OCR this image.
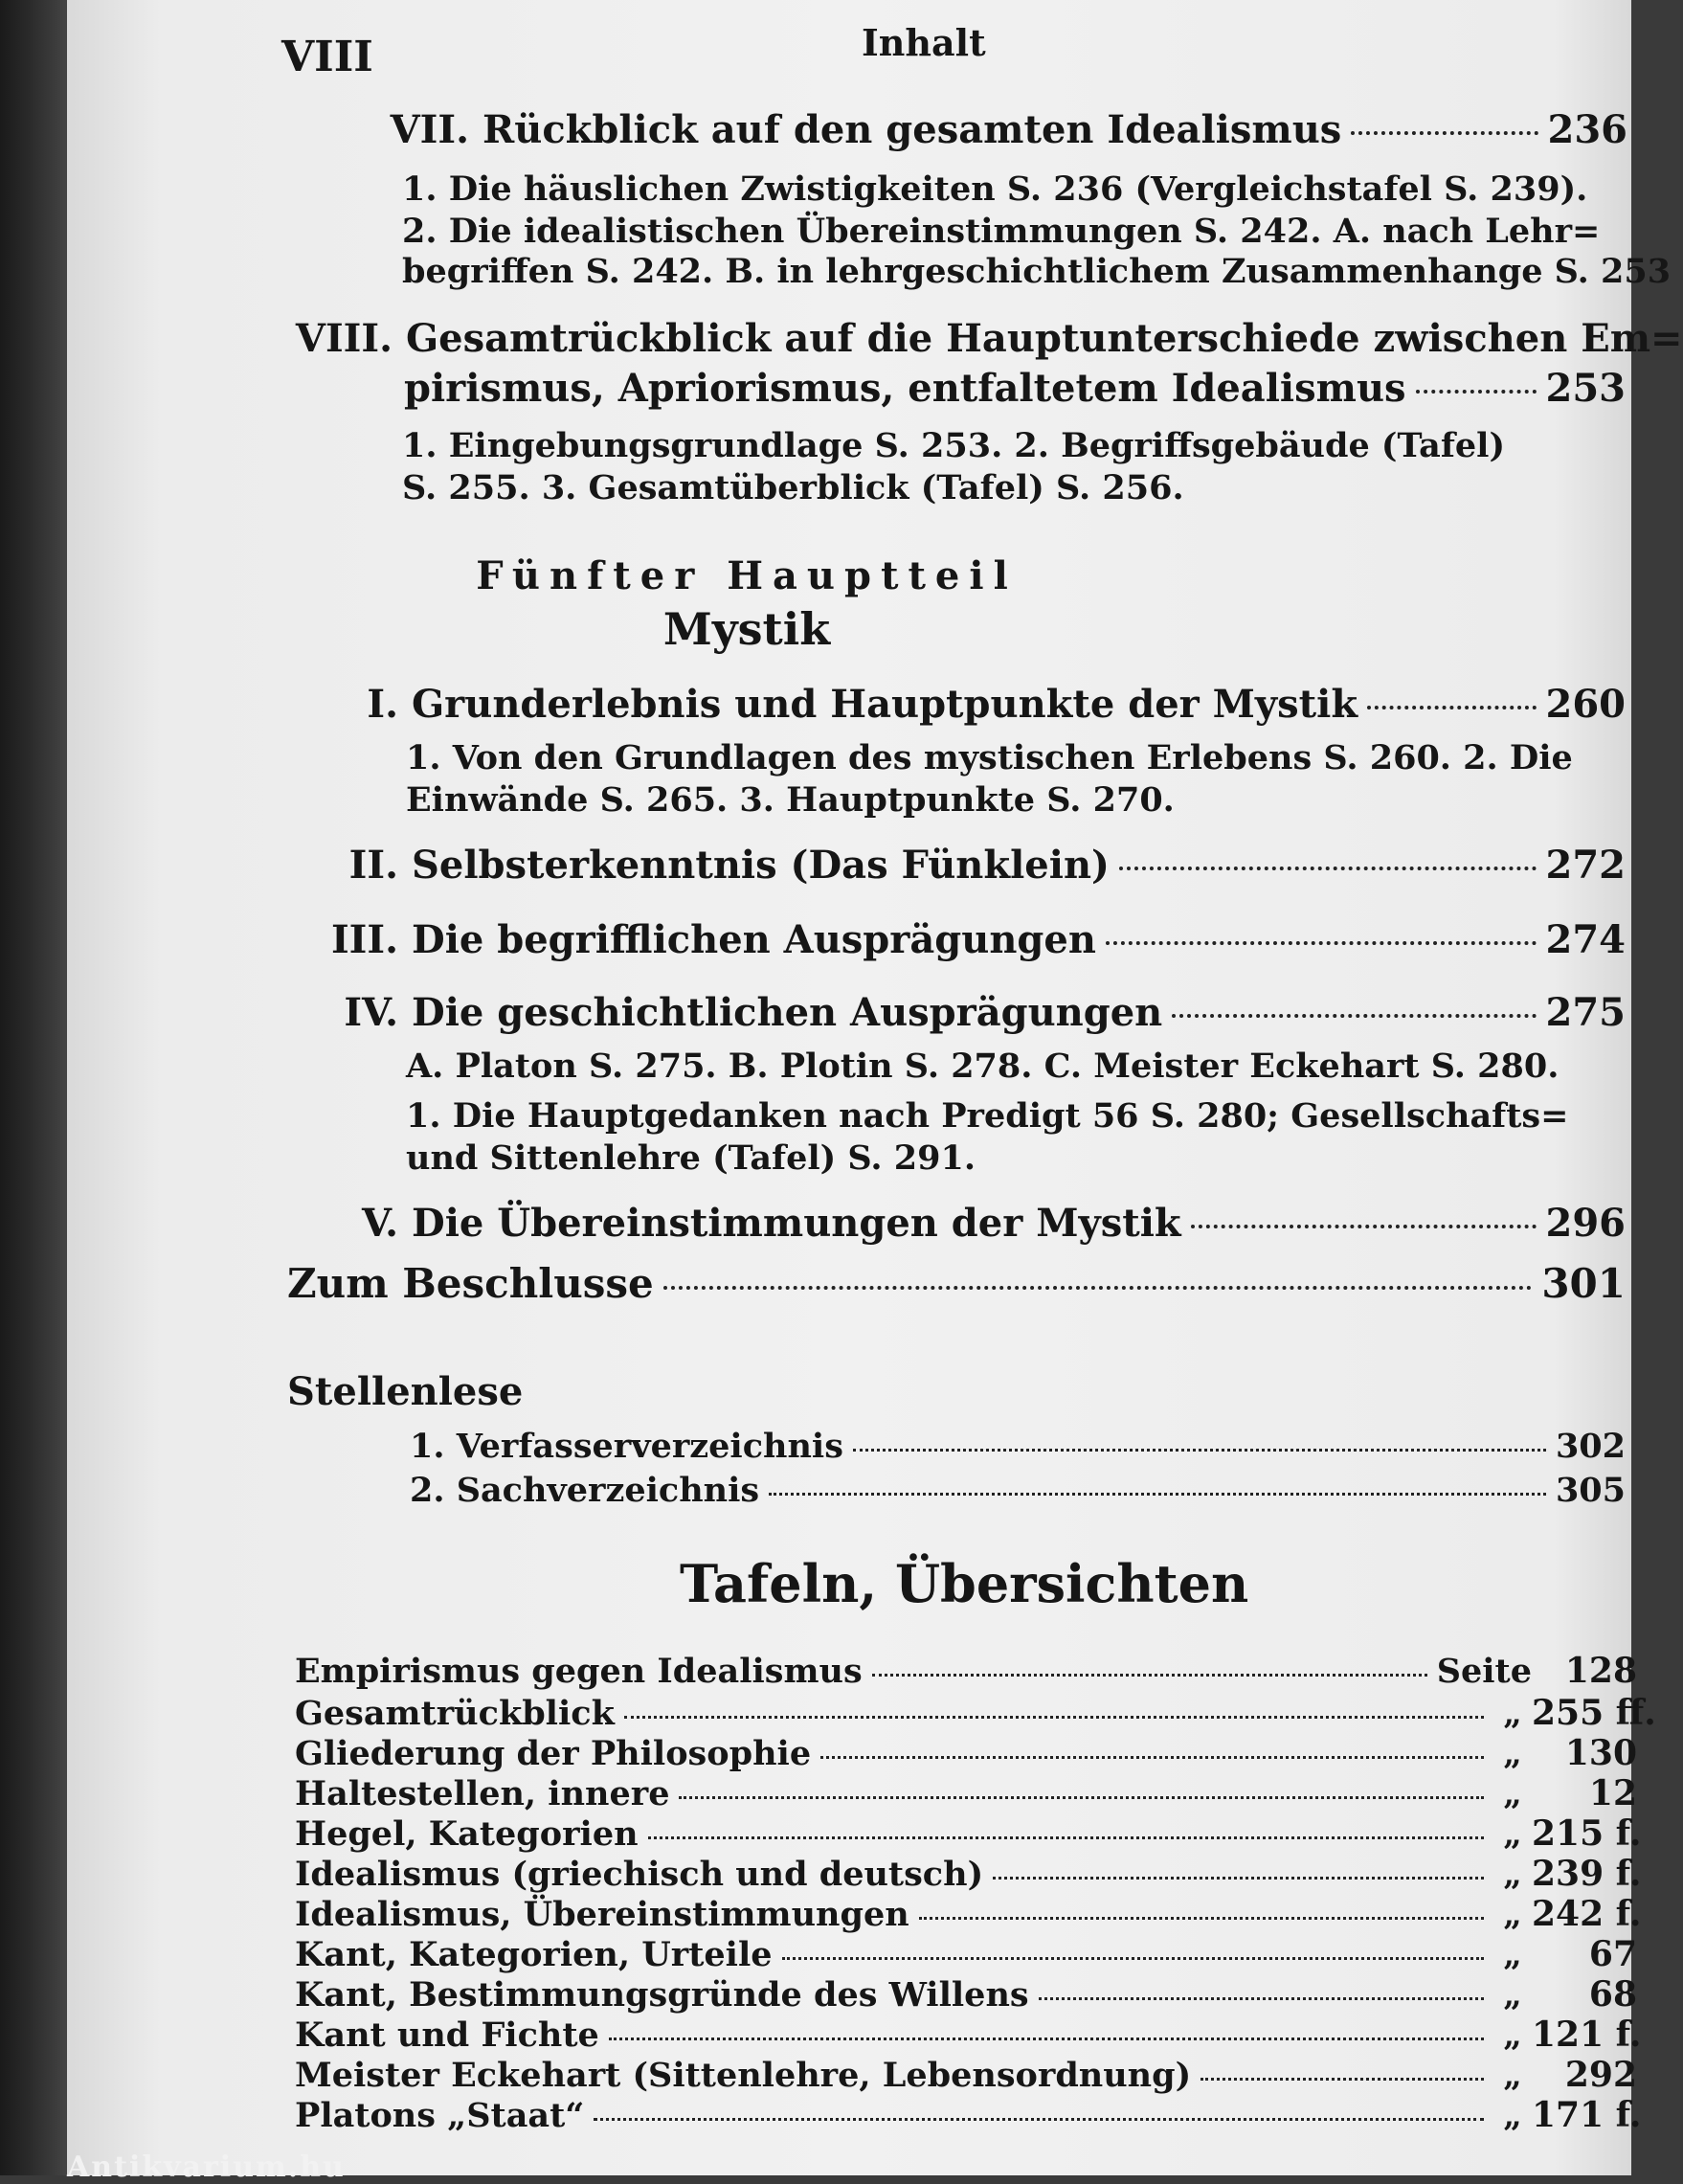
VIII	Inhalt
VII. Rückblick auf den gesamten Idealismus	236
1. Die häuslichen Zwistigkeiten S. 236 (Vergleichstafel S. 239).
2. Die idealistischen Übereinstimmungen S. 242. A. nach Lehr=
begriffen S. 242. B. in lehrgeschichtlichem Zusammenhange S. 253
VIII. Gesamtrückblick auf die Hauptunterschiede zwischen Em=
pirismus, Apriorismus, entfaltetem Idealismus	253
1. Eingebungsgrundlage S. 253. 2. Begriffsgebäude (Tafel)
S. 255. 3. Gesamtüberblick (Tafel) S. 256.
Fünfter Hauptteil
Mystik
I. Grunderlebnis und Hauptpunkte der Mystik	260
1. Von den Grundlagen des mystischen Erlebens S. 260. 2. Die
Einwände S. 265. 3. Hauptpunkte S. 270.
II. Selbsterkenntnis (Das Fünklein)	272
III. Die begrifflichen Ausprägungen	274
IV. Die geschichtlichen Ausprägungen	275
A. Platon S. 275. B. Plotin S. 278. C. Meister Eckehart S. 280.
1. Die Hauptgedanken nach Predigt 56 S. 280; Gesellschafts=
und Sittenlehre (Tafel) S. 291.
V. Die Übereinstimmungen der Mystik	296
Zum Beschlusse	301
Stellenlese
1. Verfasserverzeichnis	302
2. Sachverzeichnis	305
Tafeln, Übersichten
Empirismus gegen Idealismus	Seite 128
Gesamtrückblick	„ 255 ff.
Gliederung der Philosophie	„	130
Haltestellen, innere	„	12
Hegel, Kategorien	„ 215 f.
Idealismus (griechisch und deutsch)	„ 239 f.
Idealismus, Übereinstimmungen	„ 242 f.
Kant, Kategorien, Urteile	„	67
Kant, Bestimmungsgründe des Willens	„	68
Kant und Fichte	„ 121 f.
Meister Eckehart (Sittenlehre, Lebensordnung)	„	292
Platons „Staat“	„ 171 f.
Antikvarium.hu
